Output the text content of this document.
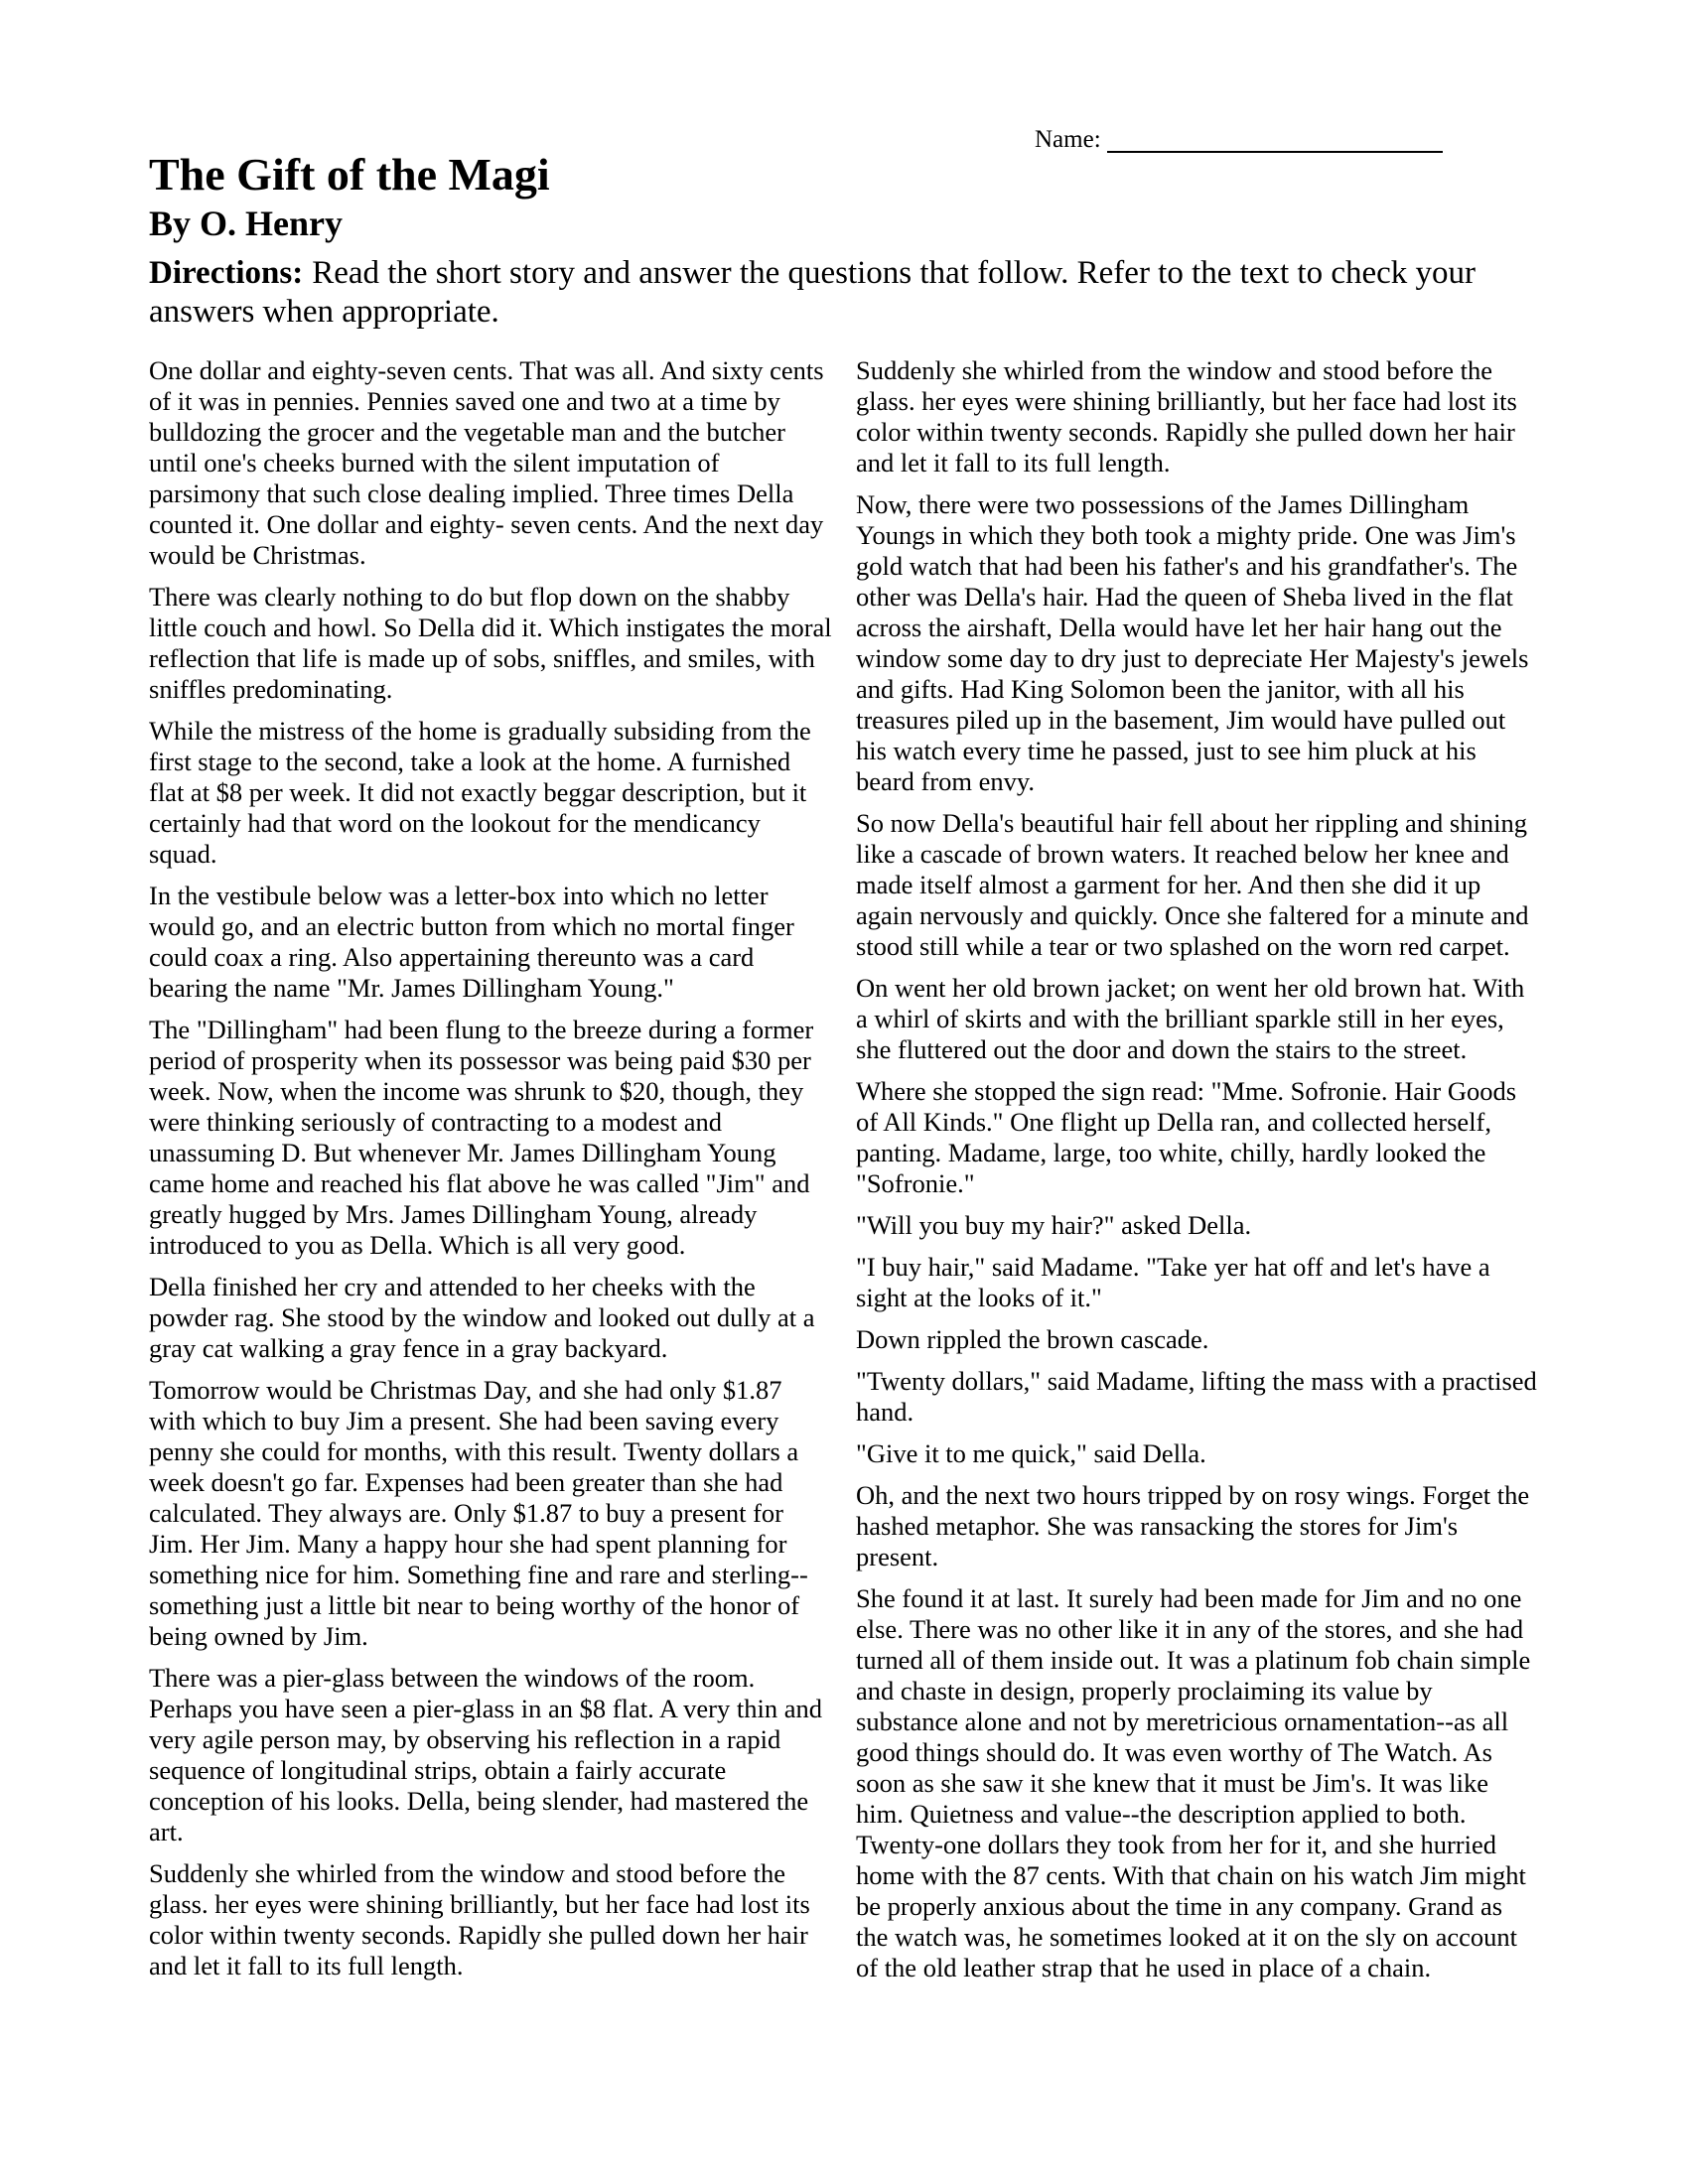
Name:
The Gift of the Magi
By O. Henry

Directions: Read the short story and answer the questions that follow. Refer to the text to check your answers when appropriate.

One dollar and eighty-seven cents. That was all. And sixty cents of it was in pennies. Pennies saved one and two at a time by bulldozing the grocer and the vegetable man and the butcher until one's cheeks burned with the silent imputation of parsimony that such close dealing implied. Three times Della counted it. One dollar and eighty- seven cents. And the next day would be Christmas.

There was clearly nothing to do but flop down on the shabby little couch and howl. So Della did it. Which instigates the moral reflection that life is made up of sobs, sniffles, and smiles, with sniffles predominating.

While the mistress of the home is gradually subsiding from the first stage to the second, take a look at the home. A furnished flat at $8 per week. It did not exactly beggar description, but it certainly had that word on the lookout for the mendicancy squad.

In the vestibule below was a letter-box into which no letter would go, and an electric button from which no mortal finger could coax a ring. Also appertaining thereunto was a card bearing the name "Mr. James Dillingham Young."

The "Dillingham" had been flung to the breeze during a former period of prosperity when its possessor was being paid $30 per week. Now, when the income was shrunk to $20, though, they were thinking seriously of contracting to a modest and unassuming D. But whenever Mr. James Dillingham Young came home and reached his flat above he was called "Jim" and greatly hugged by Mrs. James Dillingham Young, already introduced to you as Della. Which is all very good.

Della finished her cry and attended to her cheeks with the powder rag. She stood by the window and looked out dully at a gray cat walking a gray fence in a gray backyard.

Tomorrow would be Christmas Day, and she had only $1.87 with which to buy Jim a present. She had been saving every penny she could for months, with this result. Twenty dollars a week doesn't go far. Expenses had been greater than she had calculated. They always are. Only $1.87 to buy a present for Jim. Her Jim. Many a happy hour she had spent planning for something nice for him. Something fine and rare and sterling--something just a little bit near to being worthy of the honor of being owned by Jim.

There was a pier-glass between the windows of the room. Perhaps you have seen a pier-glass in an $8 flat. A very thin and very agile person may, by observing his reflection in a rapid sequence of longitudinal strips, obtain a fairly accurate conception of his looks. Della, being slender, had mastered the art.

Suddenly she whirled from the window and stood before the glass. her eyes were shining brilliantly, but her face had lost its color within twenty seconds. Rapidly she pulled down her hair and let it fall to its full length.

Suddenly she whirled from the window and stood before the glass. her eyes were shining brilliantly, but her face had lost its color within twenty seconds. Rapidly she pulled down her hair and let it fall to its full length.

Now, there were two possessions of the James Dillingham Youngs in which they both took a mighty pride. One was Jim's gold watch that had been his father's and his grandfather's. The other was Della's hair. Had the queen of Sheba lived in the flat across the airshaft, Della would have let her hair hang out the window some day to dry just to depreciate Her Majesty's jewels and gifts. Had King Solomon been the janitor, with all his treasures piled up in the basement, Jim would have pulled out his watch every time he passed, just to see him pluck at his beard from envy.

So now Della's beautiful hair fell about her rippling and shining like a cascade of brown waters. It reached below her knee and made itself almost a garment for her. And then she did it up again nervously and quickly. Once she faltered for a minute and stood still while a tear or two splashed on the worn red carpet.

On went her old brown jacket; on went her old brown hat. With a whirl of skirts and with the brilliant sparkle still in her eyes, she fluttered out the door and down the stairs to the street.

Where she stopped the sign read: "Mme. Sofronie. Hair Goods of All Kinds." One flight up Della ran, and collected herself, panting. Madame, large, too white, chilly, hardly looked the "Sofronie."

"Will you buy my hair?" asked Della.

"I buy hair," said Madame. "Take yer hat off and let's have a sight at the looks of it."

Down rippled the brown cascade.

"Twenty dollars," said Madame, lifting the mass with a practised hand.

"Give it to me quick," said Della.

Oh, and the next two hours tripped by on rosy wings. Forget the hashed metaphor. She was ransacking the stores for Jim's present.

She found it at last. It surely had been made for Jim and no one else. There was no other like it in any of the stores, and she had turned all of them inside out. It was a platinum fob chain simple and chaste in design, properly proclaiming its value by substance alone and not by meretricious ornamentation--as all good things should do. It was even worthy of The Watch. As soon as she saw it she knew that it must be Jim's. It was like him. Quietness and value--the description applied to both. Twenty-one dollars they took from her for it, and she hurried home with the 87 cents. With that chain on his watch Jim might be properly anxious about the time in any company. Grand as the watch was, he sometimes looked at it on the sly on account of the old leather strap that he used in place of a chain.
